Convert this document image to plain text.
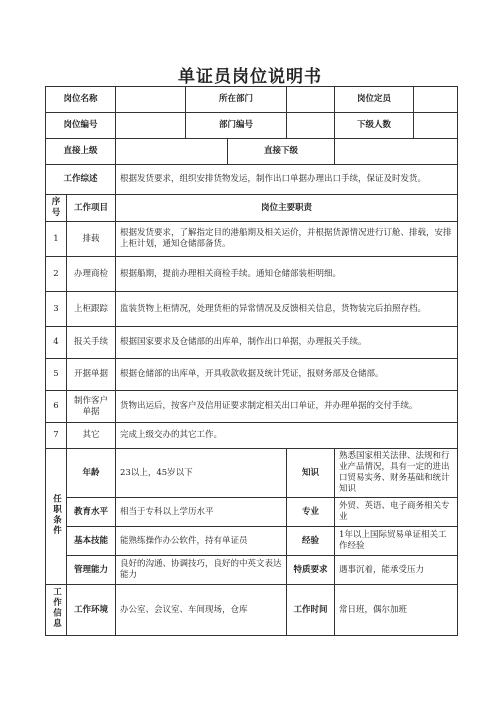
单证员岗位说明书
岗位名称			所在部门			岗位定员	
岗位编号			部门编号			下级人数	
直接上级				直接下级			
工作综述		根据发货要求，组织安排货物发运，制作出口单据办理出口手续，保证及时发货。					
序号	工作项目	岗位主要职责					
1	排载	根据发货要求，了解指定目的港船期及相关运价，并根据货源情况进行订舱、排载，安排上柜计划，通知仓储部备货。					
2	办理商检	根据船期，提前办理相关商检手续。通知仓储部装柜明细。					
3	上柜跟踪	监装货物上柜情况，处理货柜的异常情况及反馈相关信息，货物装完后拍照存档。					
4	报关手续	根据国家要求及仓储部的出库单，制作出口单据，办理报关手续。					
5	开据单据	根据仓储部的出库单，开具收款收据及统计凭证，报财务部及仓储部。					
6	制作客户单据	货物出运后，按客户及信用证要求制定相关出口单证，并办理单据的交付手续。					
7	其它	完成上级交办的其它工作。					
任职条件	年龄	23以上，45岁以下			知识	熟悉国家相关法律、法规和行业产品情况，具有一定的进出口贸易实务、财务基础和统计知识	
	教育水平	相当于专科以上学历水平			专业	外贸、英语、电子商务相关专业	
	基本技能	能熟练操作办公软件，持有单证员			经验	1年以上国际贸易单证相关工作经验	
	管理能力	良好的沟通、协调技巧，良好的中英文表达能力			特质要求	遇事沉着，能承受压力	
工作信息	工作环境	办公室、会议室、车间现场，仓库			工作时间	常日班，偶尔加班	
